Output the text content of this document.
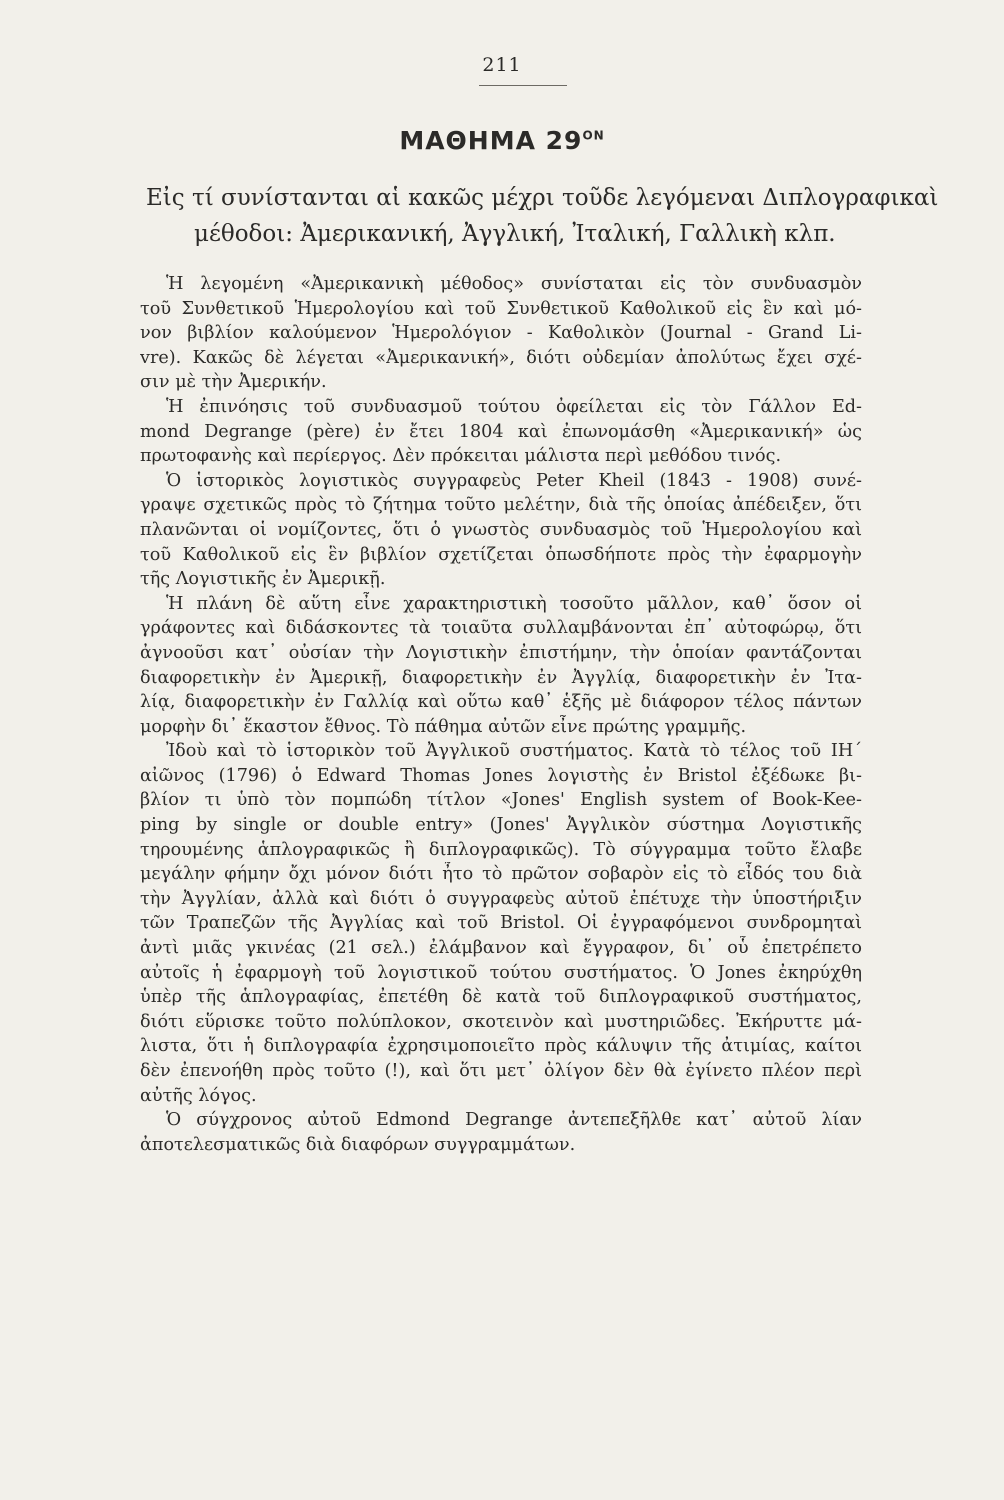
211
ΜΑΘΗΜΑ $29^{ON}$
Εἰς τί συνίστανται αἱ κακῶς μέχρι τοῦδε λεγόμεναι Διπλογραφικαὶ
μέθοδοι: Ἀμερικανική, Ἀγγλική, Ἰταλική, Γαλλικὴ κλπ.
Ἡ λεγομένη «Ἀμερικανικὴ μέθοδος» συνίσταται εἰς τὸν συνδυασμὸν
τοῦ Συνθετικοῦ Ἡμερολογίου καὶ τοῦ Συνθετικοῦ Καθολικοῦ εἰς ἓν καὶ μό-
νον βιβλίον καλούμενον Ἡμερολόγιον - Καθολικὸν (Journal - Grand Li-
vre). Κακῶς δὲ λέγεται «Ἀμερικανική», διότι οὐδεμίαν ἀπολύτως ἔχει σχέ-
σιν μὲ τὴν Ἀμερικήν.
Ἡ ἐπινόησις τοῦ συνδυασμοῦ τούτου ὀφείλεται εἰς τὸν Γάλλον Ed-
mond Degrange (père) ἐν ἔτει 1804 καὶ ἐπωνομάσθη «Ἀμερικανική» ὡς
πρωτοφανὴς καὶ περίεργος. Δὲν πρόκειται μάλιστα περὶ μεθόδου τινός.
Ὁ ἱστορικὸς λογιστικὸς συγγραφεὺς Peter Kheil (1843 - 1908) συνέ-
γραψε σχετικῶς πρὸς τὸ ζήτημα τοῦτο μελέτην, διὰ τῆς ὁποίας ἀπέδειξεν, ὅτι
πλανῶνται οἱ νομίζοντες, ὅτι ὁ γνωστὸς συνδυασμὸς τοῦ Ἡμερολογίου καὶ
τοῦ Καθολικοῦ εἰς ἓν βιβλίον σχετίζεται ὁπωσδήποτε πρὸς τὴν ἐφαρμογὴν
τῆς Λογιστικῆς ἐν Ἀμερικῇ.
Ἡ πλάνη δὲ αὕτη εἶνε χαρακτηριστικὴ τοσοῦτο μᾶλλον, καθ᾽ ὅσον οἱ
γράφοντες καὶ διδάσκοντες τὰ τοιαῦτα συλλαμβάνονται ἐπ᾽ αὐτοφώρῳ, ὅτι
ἀγνοοῦσι κατ᾽ οὐσίαν τὴν Λογιστικὴν ἐπιστήμην, τὴν ὁποίαν φαντάζονται
διαφορετικὴν ἐν Ἀμερικῇ, διαφορετικὴν ἐν Ἀγγλίᾳ, διαφορετικὴν ἐν Ἰτα-
λίᾳ, διαφορετικὴν ἐν Γαλλίᾳ καὶ οὕτω καθ᾽ ἑξῆς μὲ διάφορον τέλος πάντων
μορφὴν δι᾽ ἕκαστον ἔθνος. Τὸ πάθημα αὐτῶν εἶνε πρώτης γραμμῆς.
Ἰδοὺ καὶ τὸ ἱστορικὸν τοῦ Ἀγγλικοῦ συστήματος. Κατὰ τὸ τέλος τοῦ ΙΗ΄
αἰῶνος (1796) ὁ Edward Thomas Jones λογιστὴς ἐν Bristol ἐξέδωκε βι-
βλίον τι ὑπὸ τὸν πομπώδη τίτλον «Jones' English system of Book-Kee-
ping by single or double entry» (Jones' Ἀγγλικὸν σύστημα Λογιστικῆς
τηρουμένης ἁπλογραφικῶς ἢ διπλογραφικῶς). Τὸ σύγγραμμα τοῦτο ἔλαβε
μεγάλην φήμην ὄχι μόνον διότι ἦτο τὸ πρῶτον σοβαρὸν εἰς τὸ εἶδός του διὰ
τὴν Ἀγγλίαν, ἀλλὰ καὶ διότι ὁ συγγραφεὺς αὐτοῦ ἐπέτυχε τὴν ὑποστήριξιν
τῶν Τραπεζῶν τῆς Ἀγγλίας καὶ τοῦ Bristol. Οἱ ἐγγραφόμενοι συνδρομηταὶ
ἀντὶ μιᾶς γκινέας (21 σελ.) ἐλάμβανον καὶ ἔγγραφον, δι᾽ οὗ ἐπετρέπετο
αὐτοῖς ἡ ἐφαρμογὴ τοῦ λογιστικοῦ τούτου συστήματος. Ὁ Jones ἐκηρύχθη
ὑπὲρ τῆς ἁπλογραφίας, ἐπετέθη δὲ κατὰ τοῦ διπλογραφικοῦ συστήματος,
διότι εὕρισκε τοῦτο πολύπλοκον, σκοτεινὸν καὶ μυστηριῶδες. Ἐκήρυττε μά-
λιστα, ὅτι ἡ διπλογραφία ἐχρησιμοποιεῖτο πρὸς κάλυψιν τῆς ἀτιμίας, καίτοι
δὲν ἐπενοήθη πρὸς τοῦτο (!), καὶ ὅτι μετ᾽ ὀλίγον δὲν θὰ ἐγίνετο πλέον περὶ
αὐτῆς λόγος.
Ὁ σύγχρονος αὐτοῦ Edmond Degrange ἀντεπεξῆλθε κατ᾽ αὐτοῦ λίαν
ἀποτελεσματικῶς διὰ διαφόρων συγγραμμάτων.
